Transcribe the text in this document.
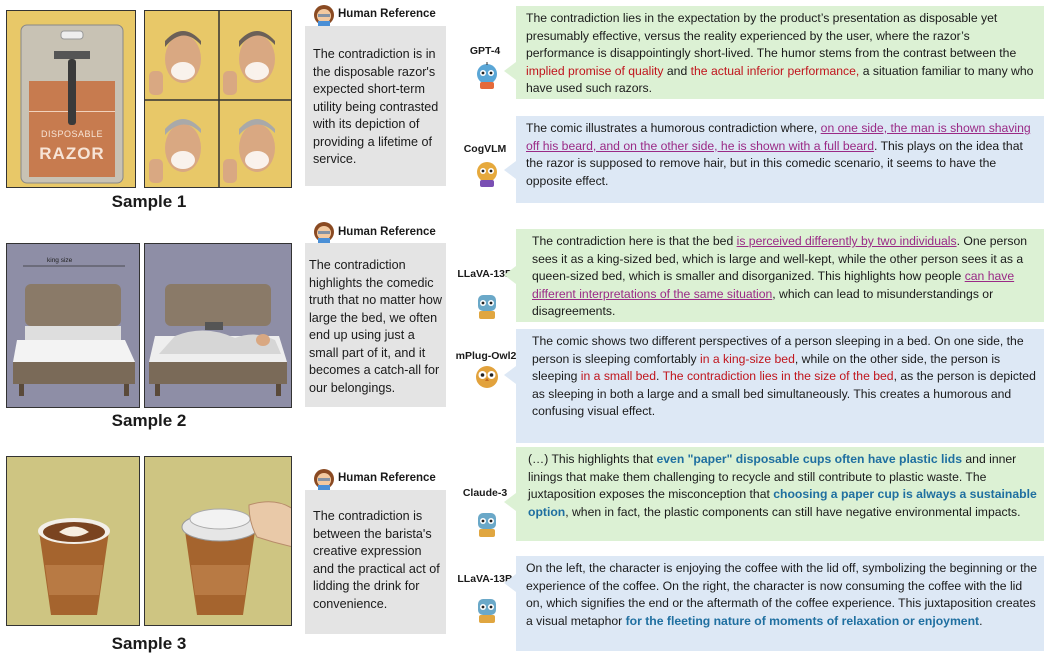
DISPOSABLE
RAZOR
Sample 1
Human Reference
The contradiction is in the disposable razor's expected short-term utility being contrasted with its depiction of providing a lifetime of service.
GPT-4
The contradiction lies in the expectation by the product’s presentation as disposable yet presumably effective, versus the reality experienced by the user, where the razor’s performance is disappointingly short-lived. The humor stems from the contrast between the implied promise of quality and the actual inferior performance, a situation familiar to many who have used such razors.
CogVLM
The comic illustrates a humorous contradiction where, on one side, the man is shown shaving off his beard, and on the other side, he is shown with a full beard. This plays on the idea that the razor is supposed to remove hair, but in this comedic scenario, it seems to have the opposite effect.
king size
Sample 2
Human Reference
The contradiction highlights the comedic truth that no matter how large the bed, we often end up using just a small part of it, and it becomes a catch-all for our belongings.
LLaVA-13B
The contradiction here is that the bed is perceived differently by two individuals. One person sees it as a king-sized bed, which is large and well-kept, while the other person sees it as a queen-sized bed, which is smaller and disorganized. This highlights how people can have different interpretations of the same situation, which can lead to misunderstandings or disagreements.
mPlug-Owl2
The comic shows two different perspectives of a person sleeping in a bed. On one side, the person is sleeping comfortably in a king-size bed, while on the other side, the person is sleeping in a small bed. The contradiction lies in the size of the bed, as the person is depicted as sleeping in both a large and a small bed simultaneously. This creates a humorous and confusing visual effect.
Sample 3
Human Reference
The contradiction is between the barista's creative expression and the practical act of lidding the drink for convenience.
Claude-3
(…) This highlights that even "paper" disposable cups often have plastic lids and inner linings that make them challenging to recycle and still contribute to plastic waste. The juxtaposition exposes the misconception that choosing a paper cup is always a sustainable option, when in fact, the plastic components can still have negative environmental impacts.
LLaVA-13B
On the left, the character is enjoying the coffee with the lid off, symbolizing the beginning or the experience of the coffee. On the right, the character is now consuming the coffee with the lid on, which signifies the end or the aftermath of the coffee experience. This juxtaposition creates a visual metaphor for the fleeting nature of moments of relaxation or enjoyment.
